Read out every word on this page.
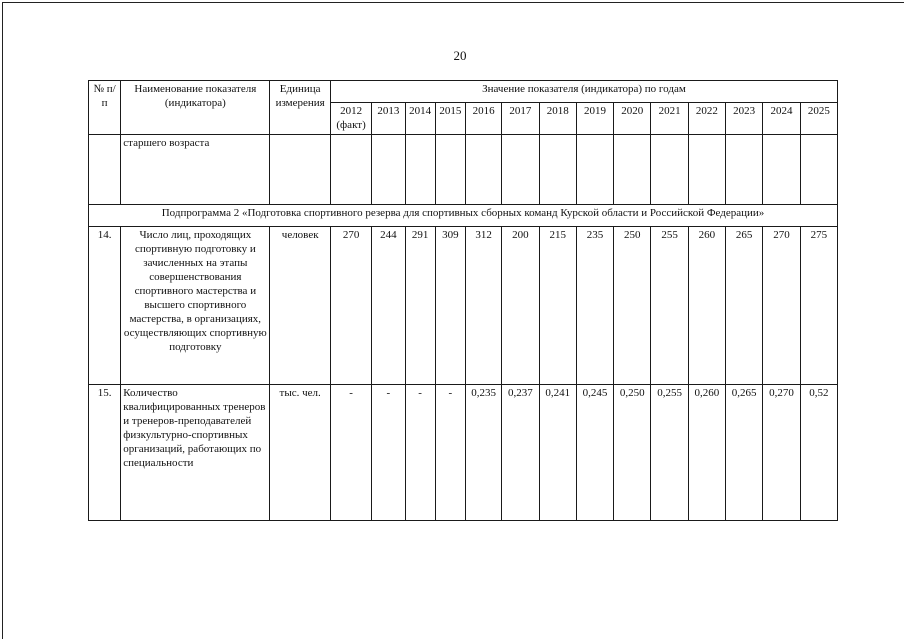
20
№ п/п	Наименование показателя (индикатора)	Единица измерения	Значение показателя (индикатора) по годам													
			2012 (факт)	2013	2014	2015	2016	2017	2018	2019	2020	2021	2022	2023	2024	2025
	старшего возраста															
Подпрограмма 2 «Подготовка спортивного резерва для спортивных сборных команд Курской области и Российской Федерации»																
14.	Число лиц, проходящих спортивную подготовку и зачисленных на этапы совершенствования спортивного мастерства и высшего спортивного мастерства, в организациях, осуществляющих спортивную подготовку	человек	270	244	291	309	312	200	215	235	250	255	260	265	270	275
15.	Количество квалифицированных тренеров и тренеров-преподавателей физкультурно-спортивных организаций, работающих по специальности	тыс. чел.	-	-	-	-	0,235	0,237	0,241	0,245	0,250	0,255	0,260	0,265	0,270	0,52
